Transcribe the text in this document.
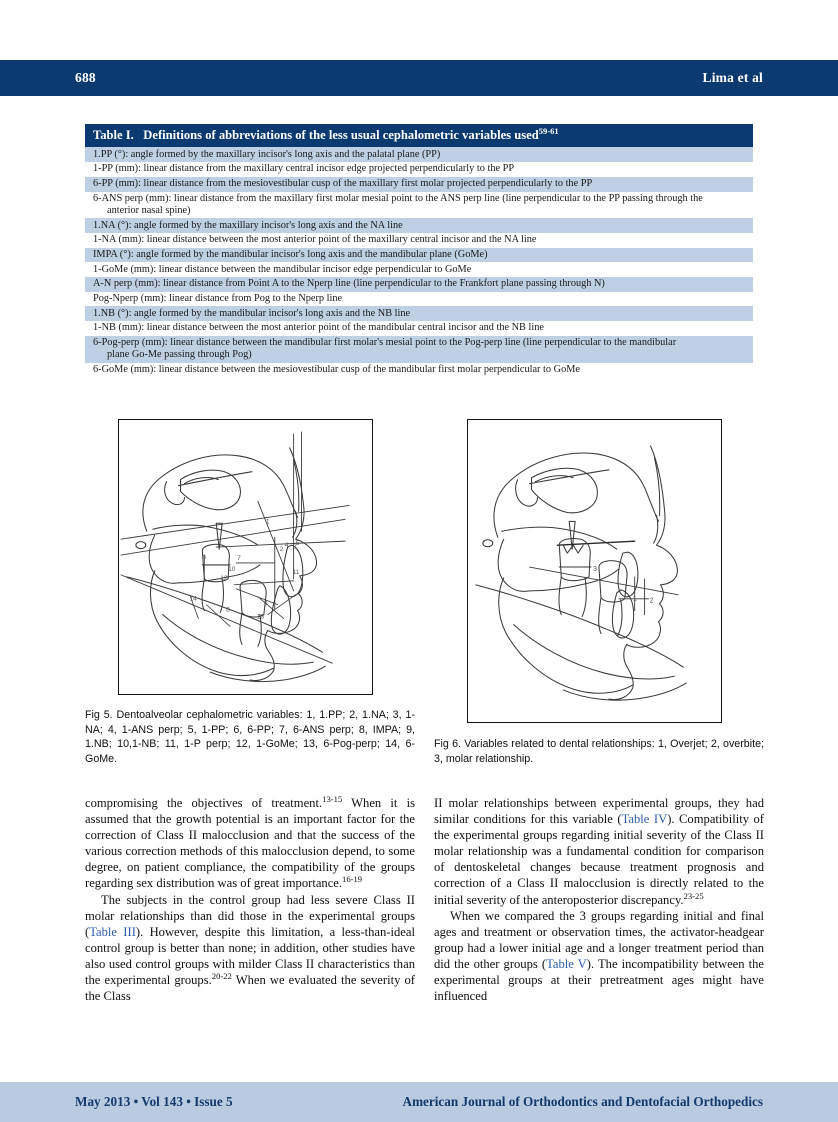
688	Lima et al
Table I. Definitions of abbreviations of the less usual cephalometric variables used$^{59-61}$
1.PP (°): angle formed by the maxillary incisor's long axis and the palatal plane (PP)
1-PP (mm): linear distance from the maxillary central incisor edge projected perpendicularly to the PP
6-PP (mm): linear distance from the mesiovestibular cusp of the maxillary first molar projected perpendicularly to the PP
6-ANS perp (mm): linear distance from the maxillary first molar mesial point to the ANS perp line (line perpendicular to the PP passing through the
anterior nasal spine)
1.NA (°): angle formed by the maxillary incisor's long axis and the NA line
1-NA (mm): linear distance between the most anterior point of the maxillary central incisor and the NA line
IMPA (°): angle formed by the mandibular incisor's long axis and the mandibular plane (GoMe)
1-GoMe (mm): linear distance between the mandibular incisor edge perpendicular to GoMe
A-N perp (mm): linear distance from Point A to the Nperp line (line perpendicular to the Frankfort plane passing through N)
Pog-Nperp (mm): linear distance from Pog to the Nperp line
1.NB (°): angle formed by the mandibular incisor's long axis and the NB line
1-NB (mm): linear distance between the most anterior point of the mandibular central incisor and the NB line
6-Pog-perp (mm): linear distance between the mandibular first molar's mesial point to the Pog-perp line (line perpendicular to the mandibular
plane Go-Me passing through Pog)
6-GoMe (mm): linear distance between the mesiovestibular cusp of the mandibular first molar perpendicular to GoMe
1
2 3
4 5
6	7
8
9
10	11
12
14
13
Fig 5. Dentoalveolar cephalometric variables: 1, 1.PP; 2, 1.NA; 3, 1-NA; 4, 1-ANS perp; 5, 1-PP; 6, 6-PP; 7, 6-ANS perp; 8, IMPA; 9, 1.NB; 10,1-NB; 11, 1-P perp; 12, 1-GoMe; 13, 6-Pog-perp; 14, 6-GoMe.
3
1 2
Fig 6. Variables related to dental relationships: 1, Overjet; 2, overbite; 3, molar relationship.

compromising the objectives of treatment.$^{13-15}$ When it is assumed that the growth potential is an important factor for the correction of Class II malocclusion and that the success of the various correction methods of this malocclusion depend, to some degree, on patient compliance, the compatibility of the groups regarding sex distribution was of great importance.$^{16-19}$

The subjects in the control group had less severe Class II molar relationships than did those in the experimental groups (Table III). However, despite this limitation, a less-than-ideal control group is better than none; in addition, other studies have also used control groups with milder Class II characteristics than the experimental groups.$^{20-22}$ When we evaluated the severity of the Class

II molar relationships between experimental groups, they had similar conditions for this variable (Table IV). Compatibility of the experimental groups regarding initial severity of the Class II molar relationship was a fundamental condition for comparison of dentoskeletal changes because treatment prognosis and correction of a Class II malocclusion is directly related to the initial severity of the anteroposterior discrepancy.$^{23-25}$

When we compared the 3 groups regarding initial and final ages and treatment or observation times, the activator-headgear group had a lower initial age and a longer treatment period than did the other groups (Table V). The incompatibility between the experimental groups at their pretreatment ages might have influenced

May 2013 • Vol 143 • Issue 5	American Journal of Orthodontics and Dentofacial Orthopedics
